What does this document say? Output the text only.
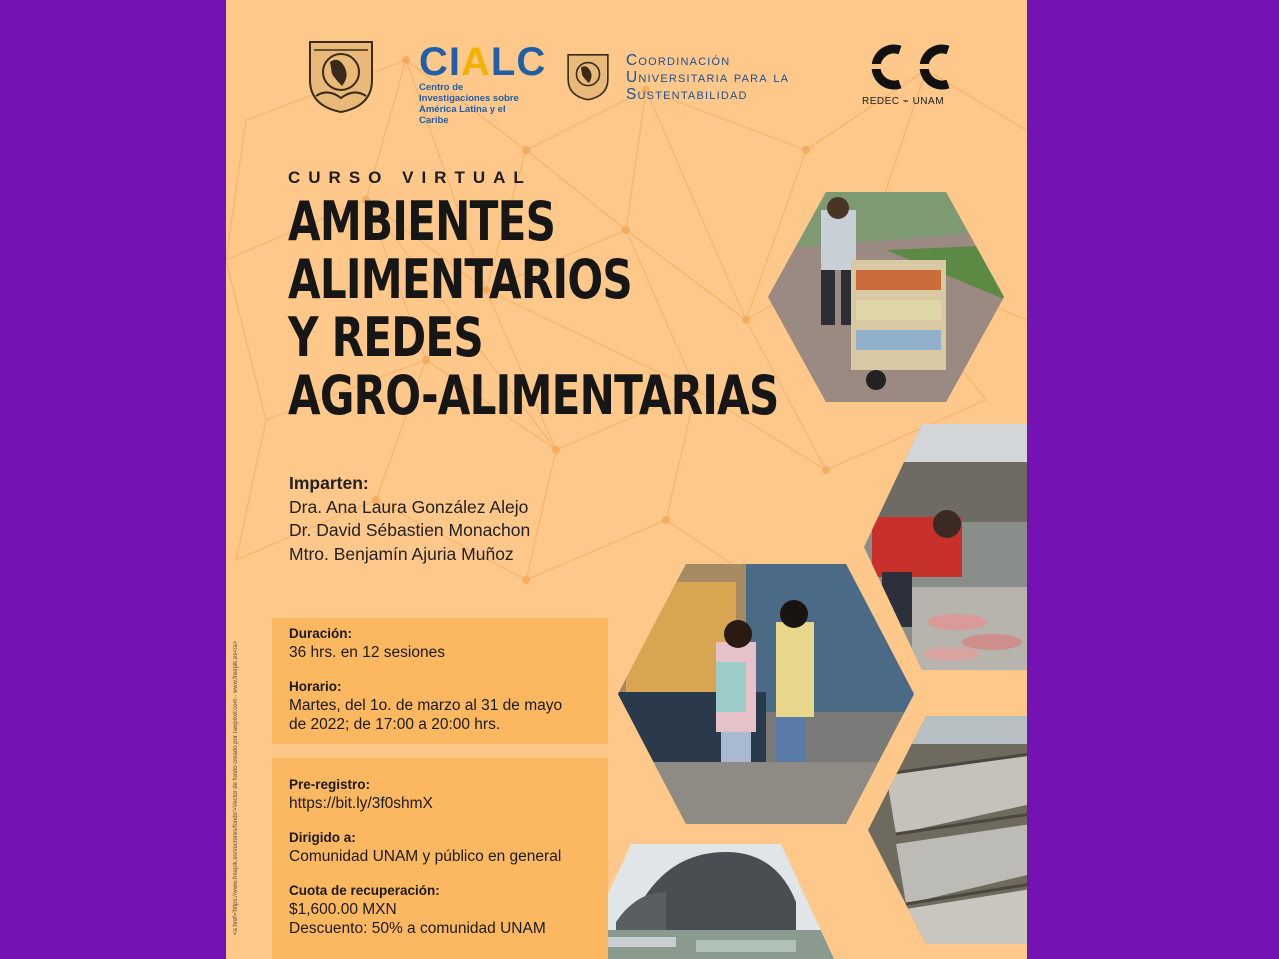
CIALC
Centro de Investigaciones sobre
América Latina y el Caribe
Coordinación
Universitaria para la
Sustentabilidad	REDEC ⌁ UNAM
CURSO VIRTUAL
AMBIENTES
ALIMENTARIOS
Y REDES
AGRO-ALIMENTARIAS
Imparten:
Dra. Ana Laura González Alejo
Dr. David Sébastien Monachon
Mtro. Benjamín Ajuria Muñoz
Duración:
36 hrs. en 12 sesiones
Horario:
Martes, del 1o. de marzo al 31 de mayo
de 2022; de 17:00 a 20:00 hrs.
Pre-registro:
https://bit.ly/3f0shmX
Dirigido a:
Comunidad UNAM y público en general
Cuota de recuperación:
$1,600.00 MXN
Descuento: 50% a comunidad UNAM
<a href='https://www.freepik.es/vectores/fondo'>Vector de fondo creado por rawpixel.com - www.freepik.es</a>
